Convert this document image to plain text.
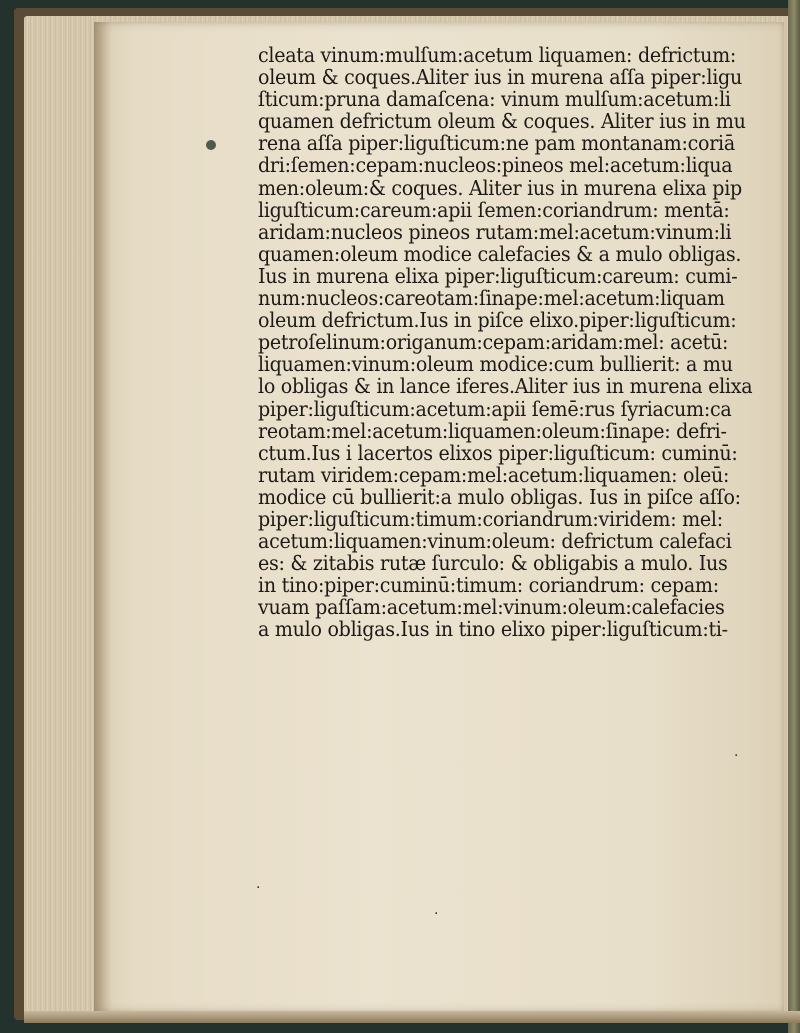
·
·
·
cleata vinum:mulſum:acetum liquamen: defrictum:
oleum & coques.Aliter ius in murena aſſa piper:ligu
ſticum:pruna damaſcena: vinum mulſum:acetum:li
quamen defrictum oleum & coques. Aliter ius in mu
rena aſſa piper:liguſticum:ne pam montanam:coriā
dri:ſemen:cepam:nucleos:pineos mel:acetum:liqua
men:oleum:& coques. Aliter ius in murena elixa pip
liguſticum:careum:apii ſemen:coriandrum: mentā:
aridam:nucleos pineos rutam:mel:acetum:vinum:li
quamen:oleum modice calefacies & a mulo obligas.
Ius in murena elixa piper:liguſticum:careum: cumi-
num:nucleos:careotam:ſinape:mel:acetum:liquam
oleum defrictum.Ius in piſce elixo.piper:liguſticum:
petroſelinum:origanum:cepam:aridam:mel: acetū:
liquamen:vinum:oleum modice:cum bullierit: a mu
lo obligas & in lance iferes.Aliter ius in murena elixa
piper:liguſticum:acetum:apii ſemē:rus ſyriacum:ca
reotam:mel:acetum:liquamen:oleum:ſinape: defri-
ctum.Ius i lacertos elixos piper:liguſticum: cuminū:
rutam viridem:cepam:mel:acetum:liquamen: oleū:
modice cū bullierit:a mulo obligas. Ius in piſce aſſo:
piper:liguſticum:timum:coriandrum:viridem: mel:
acetum:liquamen:vinum:oleum: defrictum calefaci
es: & zitabis rutæ ſurculo: & obligabis a mulo. Ius
in tino:piper:cuminū:timum: coriandrum: cepam:
vuam paſſam:acetum:mel:vinum:oleum:calefacies
a mulo obligas.Ius in tino elixo piper:liguſticum:ti-
